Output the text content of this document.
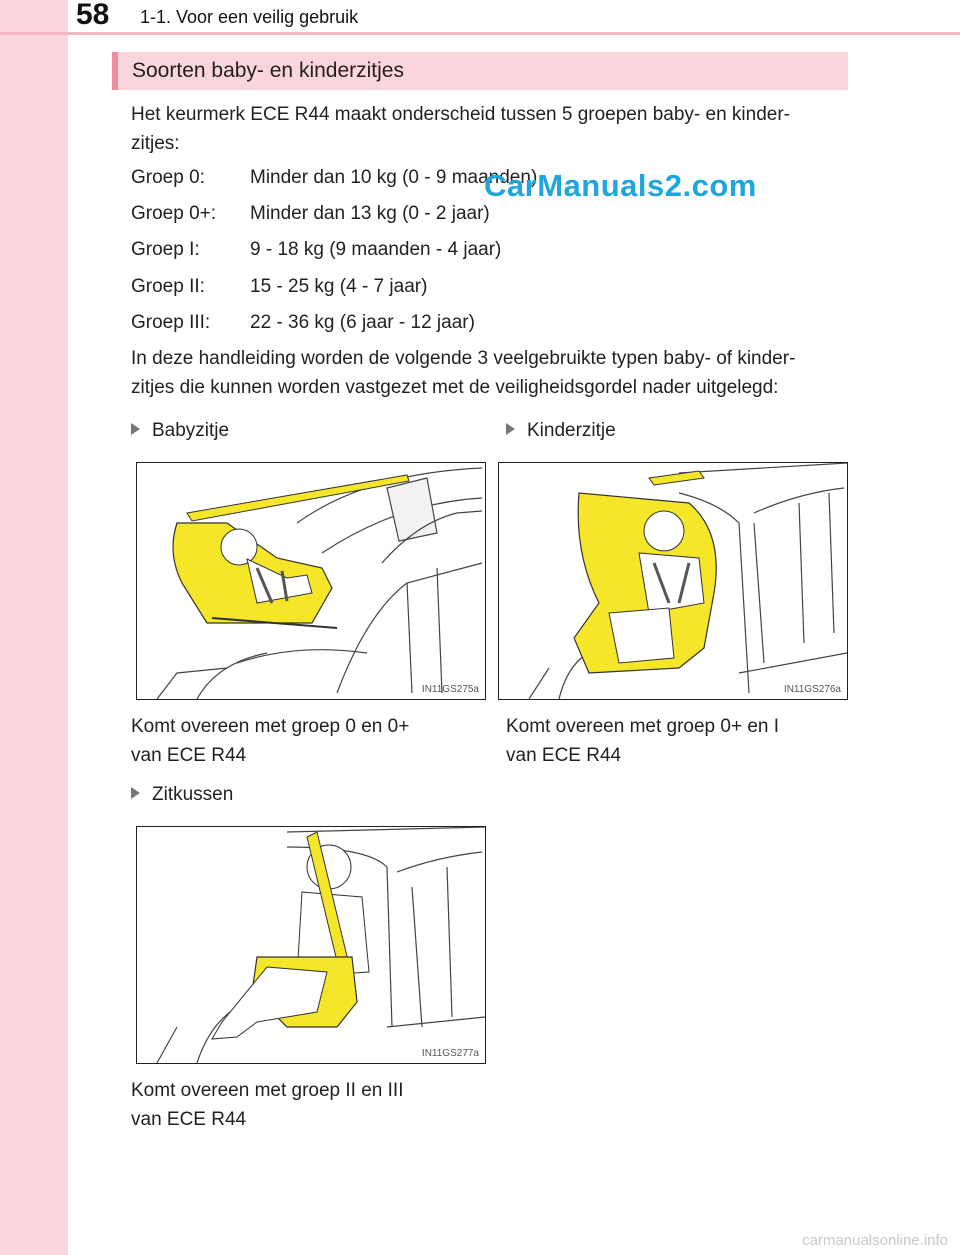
58 1-1. Voor een veilig gebruik
Soorten baby- en kinderzitjes
Het keurmerk ECE R44 maakt onderscheid tussen 5 groepen baby- en kinder-
zitjes:
Groep 0: Minder dan 10 kg (0 - 9 maanden)
Groep 0+: Minder dan 13 kg (0 - 2 jaar)
Groep I:	9 - 18 kg (9 maanden - 4 jaar)
Groep II: 15 - 25 kg (4 - 7 jaar)
Groep III: 22 - 36 kg (6 jaar - 12 jaar)
In deze handleiding worden de volgende 3 veelgebruikte typen baby- of kinder-
zitjes die kunnen worden vastgezet met de veiligheidsgordel nader uitgelegd:
Babyzitje
IN11GS275a
Komt overeen met groep 0 en 0+
van ECE R44
Kinderzitje
IN11GS276a
Komt overeen met groep 0+ en I
van ECE R44
Zitkussen
IN11GS277a
Komt overeen met groep II en III
van ECE R44
CarManuals2.com
carmanualsonline.info
